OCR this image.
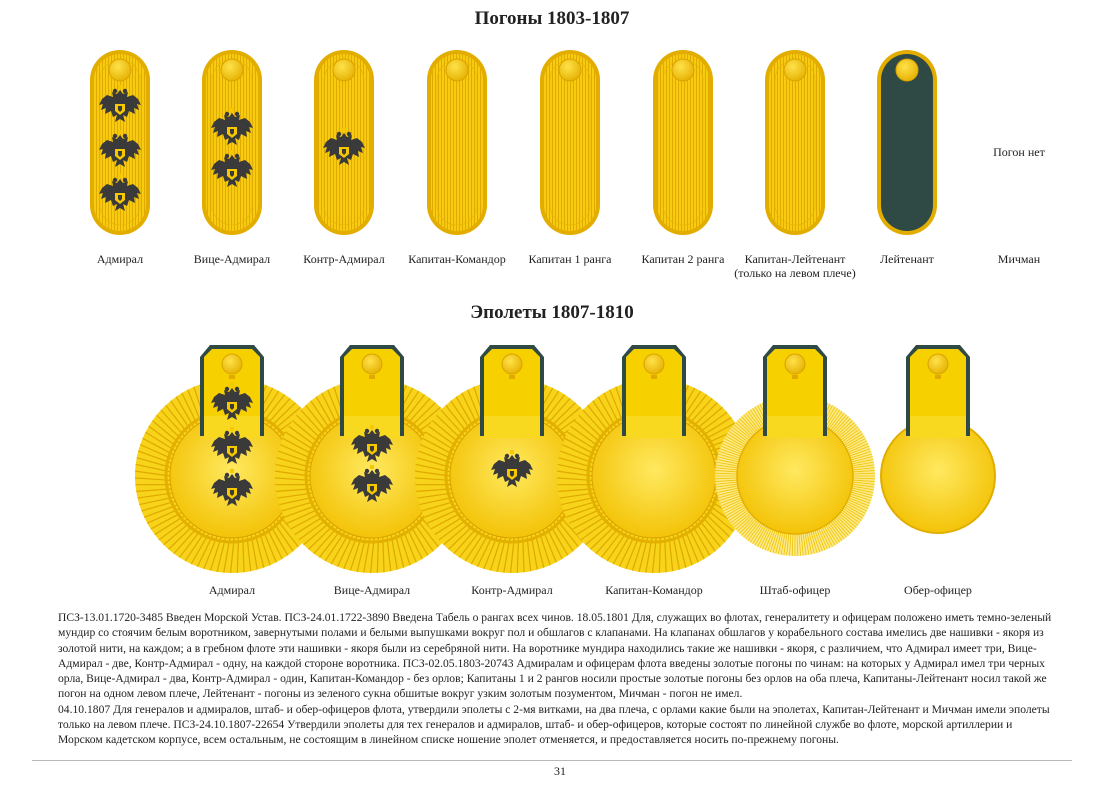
Погоны 1803-1807
Эполеты 1807-1810
Погон нет
Адмирал	Вице-Адмирал	Контр-Адмирал	Капитан-Командор	Капитан 1 ранга	Капитан 2 ранга	Капитан-Лейтенант
(только на левом плече)
Лейтенант	Мичман
Адмирал	Вице-Адмирал	Контр-Адмирал	Капитан-Командор	Штаб-офицер	Обер-офицер

ПСЗ-13.01.1720-3485 Введен Морской Устав. ПСЗ-24.01.1722-3890 Введена Табель о рангах всех чинов. 18.05.1801 Для, служащих во флотах, генералитету и офицерам положено иметь темно-зеленый мундир со стоячим белым воротником, завернутыми полами и белыми выпушками вокруг пол и обшлагов с клапанами. На клапанах обшлагов у корабельного состава имелись две нашивки - якоря из золотой нити, на каждом; а в гребном флоте эти нашивки - якоря были из серебряной нити. На воротнике мундира находились такие же нашивки - якоря, с различием, что Адмирал имеет три, Вице-Адмирал - две, Контр-Адмирал - одну, на каждой стороне воротника. ПСЗ-02.05.1803-20743 Адмиралам и офицерам флота введены золотые погоны по чинам: на которых у Адмирал имел три черных орла, Вице-Адмирал - два, Контр-Адмирал - один, Капитан-Командор - без орлов; Капитаны 1 и 2 рангов носили простые золотые погоны без орлов на оба плеча, Капитаны-Лейтенант носил такой же погон на одном левом плече, Лейтенант - погоны из зеленого сукна обшитые вокруг узким золотым позументом, Мичман - погон не имел.

04.10.1807 Для генералов и адмиралов, штаб- и обер-офицеров флота, утвердили эполеты с 2-мя витками, на два плеча, с орлами какие были на эполетах, Капитан-Лейтенант и Мичман имели эполеты только на левом плече. ПСЗ-24.10.1807-22654 Утвердили эполеты для тех генералов и адмиралов, штаб- и обер-офицеров, которые состоят по линейной службе во флоте, морской артиллерии и Морском кадетском корпусе, всем остальным, не состоящим в линейном списке ношение эполет отменяется, и предоставляется носить по-прежнему погоны.

31
